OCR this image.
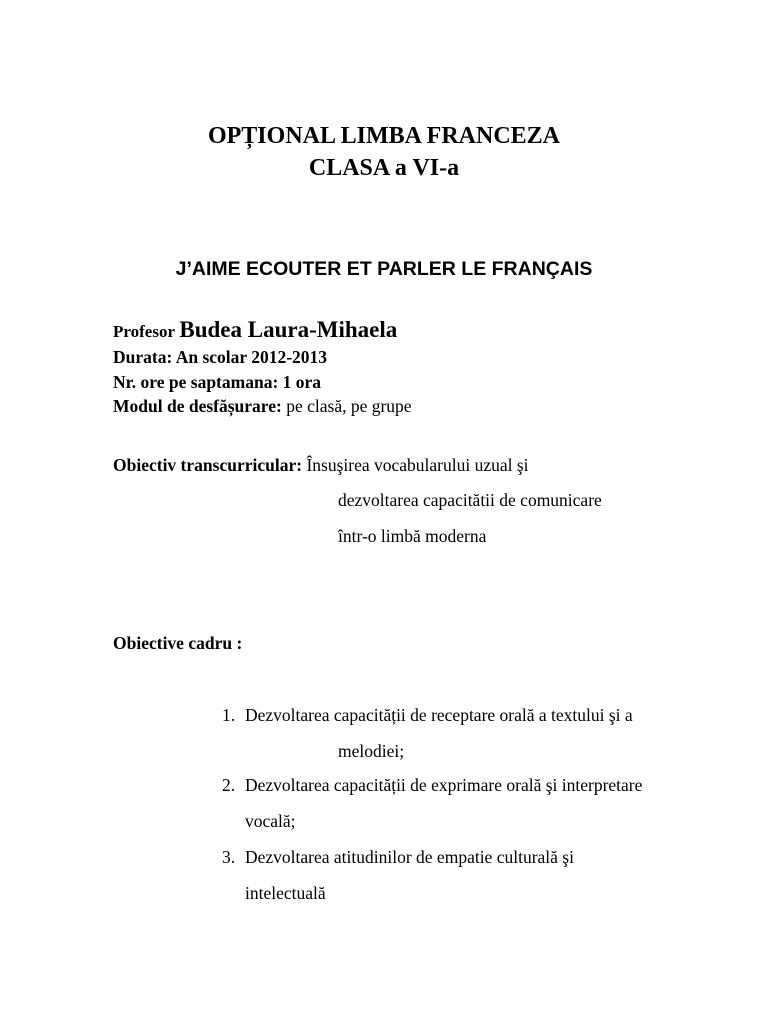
OPȚIONAL LIMBA FRANCEZA
CLASA a VI-a
J’AIME ECOUTER ET PARLER LE FRANÇAIS
Profesor Budea Laura-Mihaela
Durata: An scolar 2012-2013
Nr. ore pe saptamana: 1 ora
Modul de desfășurare: pe clasă, pe grupe
Obiectiv transcurricular: Însuşirea vocabularului uzual şi
dezvoltarea capacitătii de comunicare
într-o limbă moderna
Obiective cadru :
1. Dezvoltarea capacității de receptare orală a textului şi a
melodiei;
2. Dezvoltarea capacității de exprimare orală şi interpretare
vocală;
3. Dezvoltarea atitudinilor de empatie culturală şi
intelectuală
